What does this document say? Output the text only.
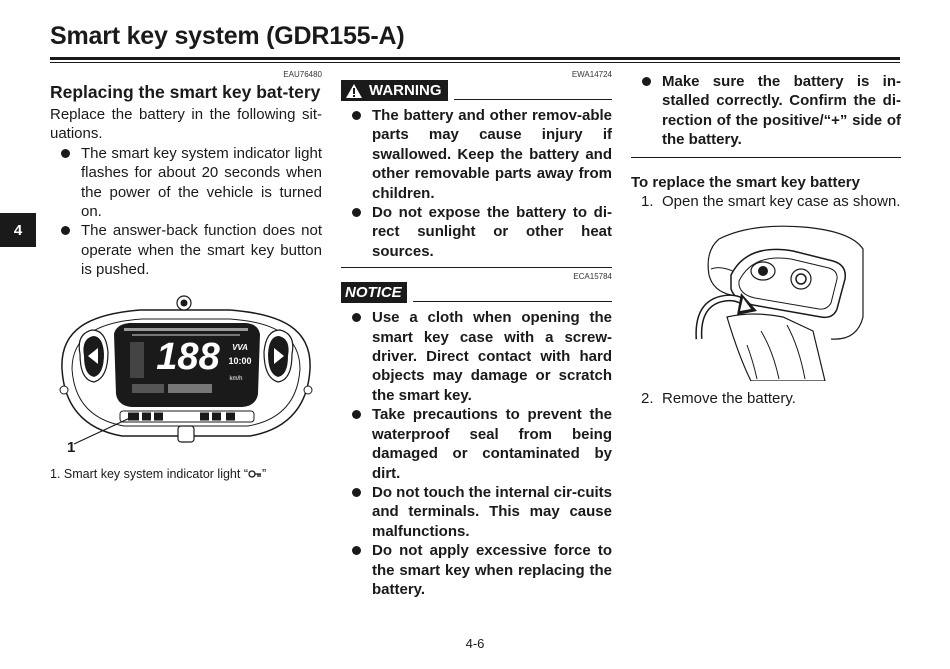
Smart key system (GDR155-A)
4
EAU76480
Replacing the smart key bat-tery

Replace the battery in the following sit-uations.

The smart key system indicator light flashes for about 20 seconds when the power of the vehicle is turned on.
The answer-back function does not operate when the smart key button is pushed.
188 VVA
10:00
km/h
1

1. Smart key system indicator light “ ”

EWA14724
WARNING
The battery and other remov-able parts may cause injury if swallowed. Keep the battery and other removable parts away from children.
Do not expose the battery to di-rect sunlight or other heat sources.
ECA15784
NOTICE
Use a cloth when opening the smart key case with a screw-driver. Direct contact with hard objects may damage or scratch the smart key.
Take precautions to prevent the waterproof seal from being damaged or contaminated by dirt.
Do not touch the internal cir-cuits and terminals. This may cause malfunctions.
Do not apply excessive force to the smart key when replacing the battery.
Make sure the battery is in-stalled correctly. Confirm the di-rection of the positive/“+” side of the battery.

To replace the smart key battery

1. Open the smart key case as shown.
2. Remove the battery.
4-6
